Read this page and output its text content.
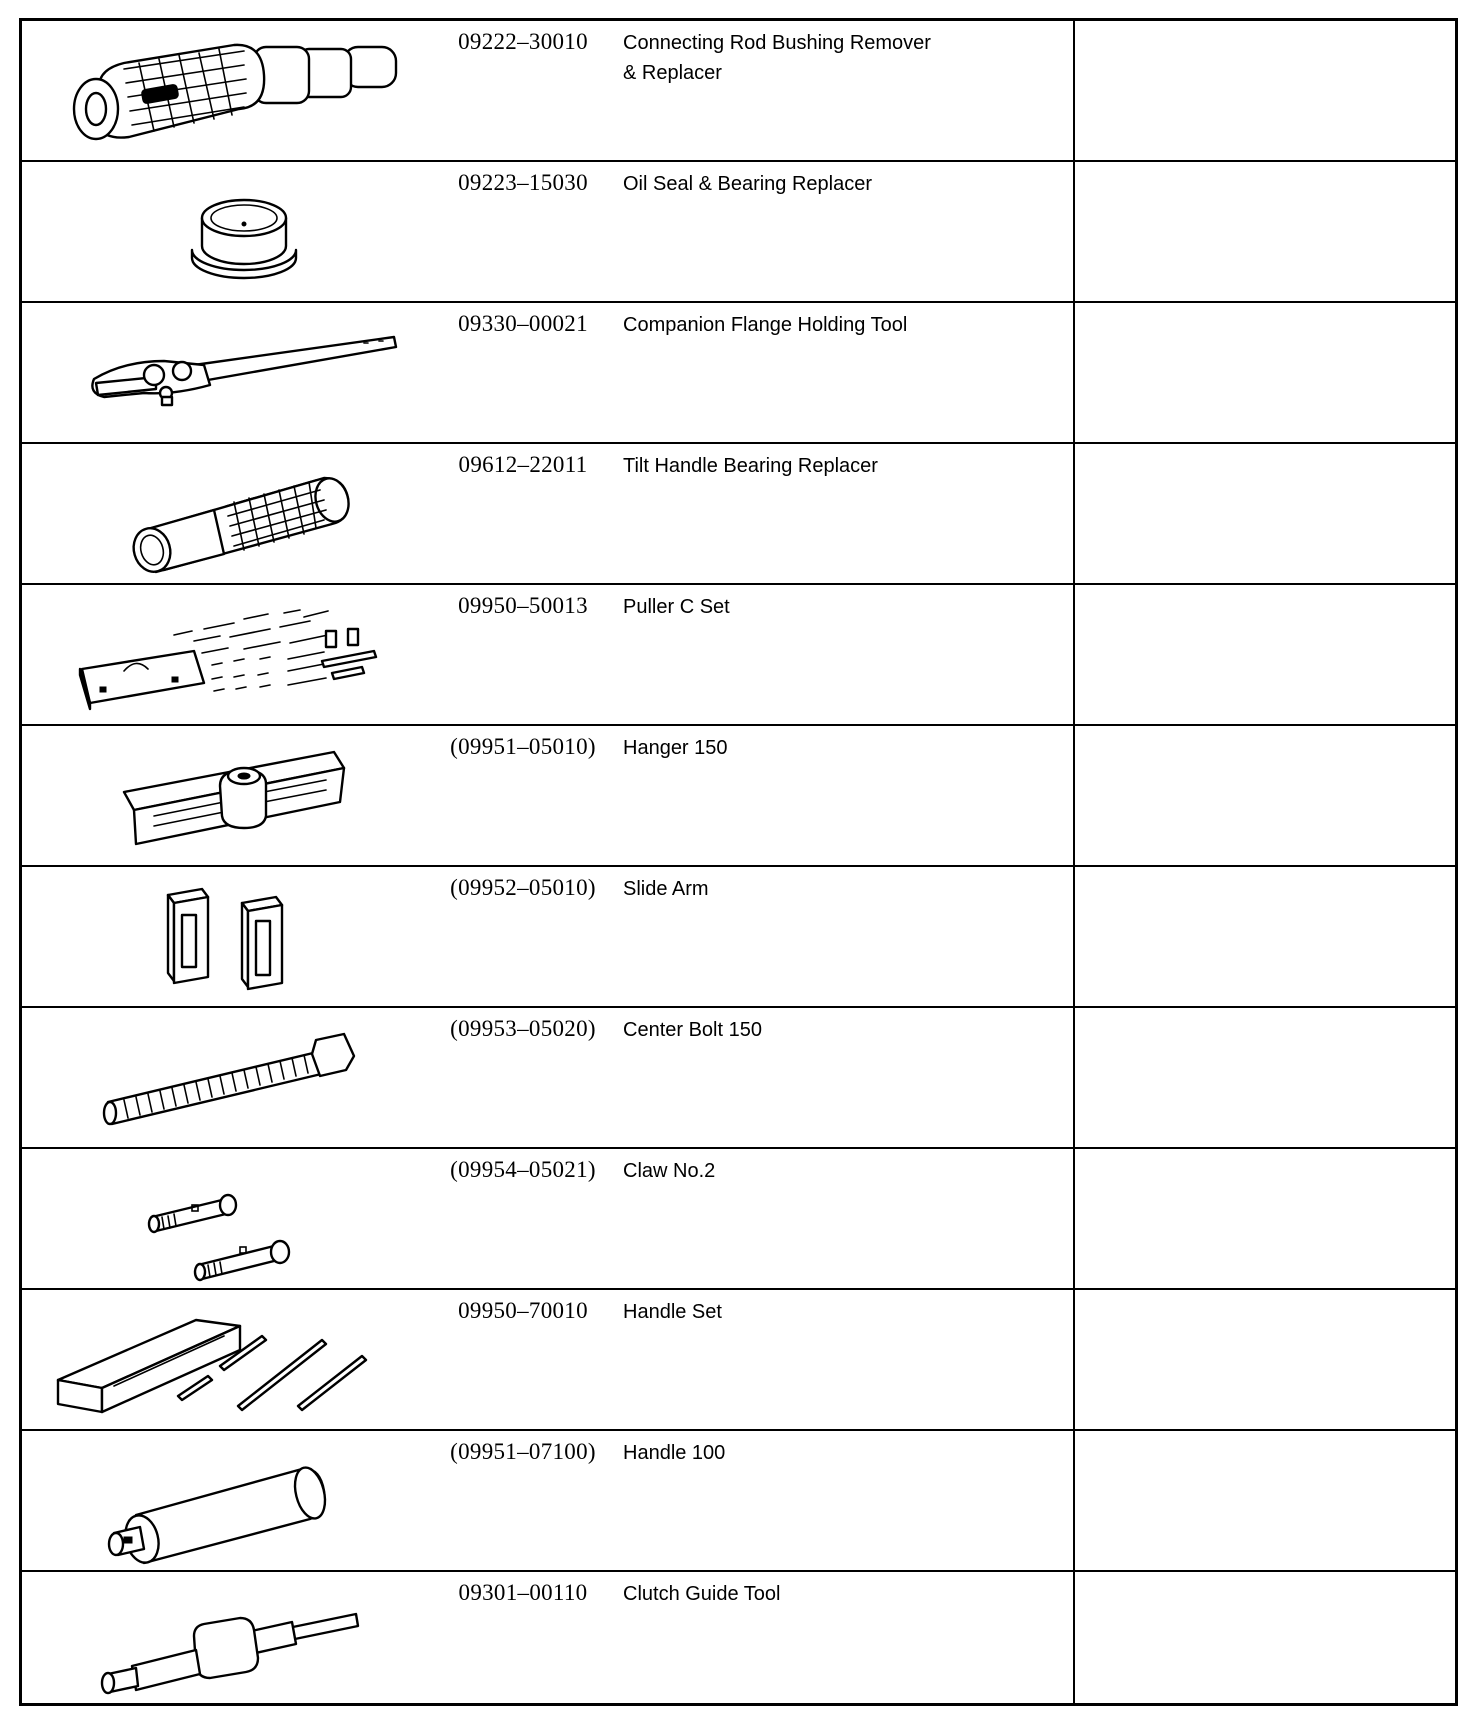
09222–30010	Connecting Rod Bushing Remover
& Replacer
09223–15030	Oil Seal & Bearing Replacer
09330–00021	Companion Flange Holding Tool
09612–22011	Tilt Handle Bearing Replacer
09950–50013	Puller C Set
(09951–05010)	Hanger 150
(09952–05010)	Slide Arm
(09953–05020)	Center Bolt 150
(09954–05021)	Claw No.2
09950–70010	Handle Set
(09951–07100)	Handle 100
09301–00110	Clutch Guide Tool
